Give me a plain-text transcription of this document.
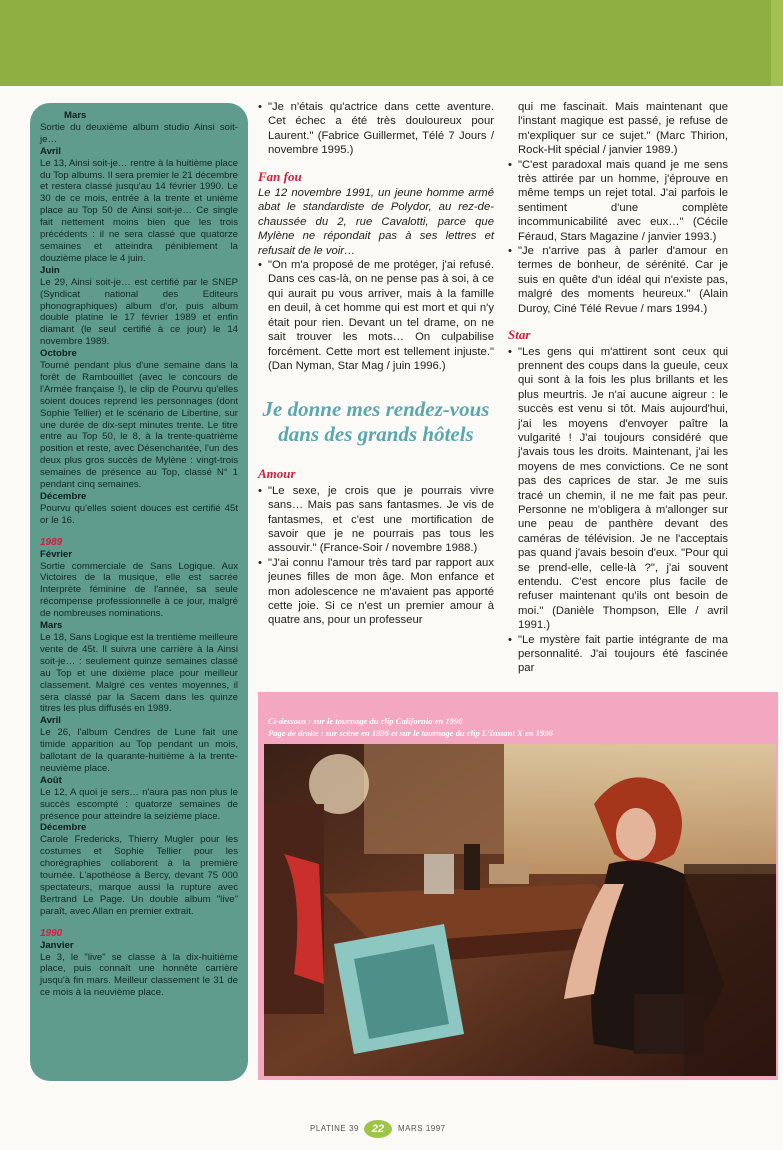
Mars

Sortie du deuxième album studio Ainsi soit-je…

Avril

Le 13, Ainsi soit-je… rentre à la huitième place du Top albums. Il sera premier le 21 décembre et restera classé jusqu'au 14 février 1990. Le 30 de ce mois, entrée à la trente et unième place au Top 50 de Ainsi soit-je… Ce single fait nettement moins bien que les trois précédents : il ne sera classé que quatorze semaines et atteindra péniblement la douzième place le 4 juin.

Juin

Le 29, Ainsi soit-je… est certifié par le SNEP (Syndicat national des Editeurs phonographiques) album d'or, puis album double platine le 17 février 1989 et enfin diamant (le seul certifié à ce jour) le 14 novembre 1989.

Octobre

Tourné pendant plus d'une semaine dans la forêt de Rambouillet (avec le concours de l'Armée française !), le clip de Pourvu qu'elles soient douces reprend les personnages (dont Sophie Tellier) et le scénario de Libertine, sur une durée de dix-sept minutes trente. Le titre entre au Top 50, le 8, à la trente-quatrième position et reste, avec Désenchantée, l'un des deux plus gros succès de Mylène : vingt-trois semaines de présence au Top, classé N° 1 pendant cinq semaines.

Décembre

Pourvu qu'elles soient douces est certifié 45t or le 16.

1989
Février

Sortie commerciale de Sans Logique. Aux Victoires de la musique, elle est sacrée Interprète féminine de l'année, sa seule récompense professionnelle à ce jour, malgré de nombreuses nominations.

Mars

Le 18, Sans Logique est la trentième meilleure vente de 45t. Il suivra une carrière à la Ainsi soit-je… : seulement quinze semaines classé au Top et une dixième place pour meilleur classement. Malgré ces ventes moyennes, il sera classé par la Sacem dans les quinze titres les plus diffusés en 1989.

Avril

Le 26, l'album Cendres de Lune fait une timide apparition au Top pendant un mois, ballotant de la quarante-huitième à la trente-neuvième place.

Août

Le 12, A quoi je sers… n'aura pas non plus le succès escompté : quatorze semaines de présence pour atteindre la seizième place.

Décembre

Carole Fredericks, Thierry Mugler pour les costumes et Sophie Tellier pour les chorégraphies collaborent à la première tournée. L'apothéose à Bercy, devant 75 000 spectateurs, marque aussi la rupture avec Bertrand Le Page. Un double album "live" paraît, avec Allan en premier extrait.

1990
Janvier

Le 3, le "live" se classe à la dix-huitième place, puis connaît une honnête carrière jusqu'à fin mars. Meilleur classement le 31 de ce mois à la neuvième place.

• "Je n'étais qu'actrice dans cette aventure. Cet échec a été très douloureux pour Laurent." (Fabrice Guillermet, Télé 7 Jours / novembre 1995.)

Fan fou

Le 12 novembre 1991, un jeune homme armé abat le standardiste de Polydor, au rez-de-chaussée du 2, rue Cavalotti, parce que Mylène ne répondait pas à ses lettres et refusait de le voir…

• "On m'a proposé de me protéger, j'ai refusé. Dans ces cas-là, on ne pense pas à soi, à ce qui aurait pu vous arriver, mais à la famille en deuil, à cet homme qui est mort et qui n'y était pour rien. Devant un tel drame, on ne sait trouver les mots… On culpabilise forcément. Cette mort est tellement injuste." (Dan Nyman, Star Mag / juin 1996.)

Je donne mes rendez-vous dans des grands hôtels
Amour

• "Le sexe, je crois que je pourrais vivre sans… Mais pas sans fantasmes. Je vis de fantasmes, et c'est une mortification de savoir que je ne pourrais pas tous les assouvir." (France-Soir / novembre 1988.)

• "J'ai connu l'amour très tard par rapport aux jeunes filles de mon âge. Mon enfance et mon adolescence ne m'avaient pas apporté cette joie. Si ce n'est un premier amour à quatre ans, pour un professeur

qui me fascinait. Mais maintenant que l'instant magique est passé, je refuse de m'expliquer sur ce sujet." (Marc Thirion, Rock-Hit spécial / janvier 1989.)

• "C'est paradoxal mais quand je me sens très attirée par un homme, j'éprouve en même temps un rejet total. J'ai parfois le sentiment d'une complète incommunicabilité avec eux…" (Cécile Féraud, Stars Magazine / janvier 1993.)

• "Je n'arrive pas à parler d'amour en termes de bonheur, de sérénité. Car je suis en quête d'un idéal qui n'existe pas, malgré des moments heureux." (Alain Duroy, Ciné Télé Revue / mars 1994.)

Star

• "Les gens qui m'attirent sont ceux qui prennent des coups dans la gueule, ceux qui sont à la fois les plus brillants et les plus meurtris. Je n'ai aucune aigreur : le succès est venu si tôt. Mais aujourd'hui, j'ai les moyens d'envoyer paître la vulgarité ! J'ai toujours considéré que j'avais tous les droits. Maintenant, j'ai les moyens de mes convictions. Ce ne sont pas des caprices de star. Je me suis tracé un chemin, il ne me fait pas peur. Personne ne m'obligera à m'allonger sur une peau de panthère devant des caméras de télévision. Je ne l'acceptais pas quand j'avais besoin d'eux. "Pour qui se prend-elle, celle-là ?", j'ai souvent entendu. C'est encore plus facile de refuser maintenant qu'ils ont besoin de moi." (Danièle Thompson, Elle / avril 1991.)

• "Le mystère fait partie intégrante de ma personnalité. J'ai toujours été fascinée par

Ci-dessous : sur le tournage du clip California en 1996
Page de droite : sur scène en 1996 et sur le tournage du clip L'Instant X en 1996
PLATINE 39	22	MARS 1997
